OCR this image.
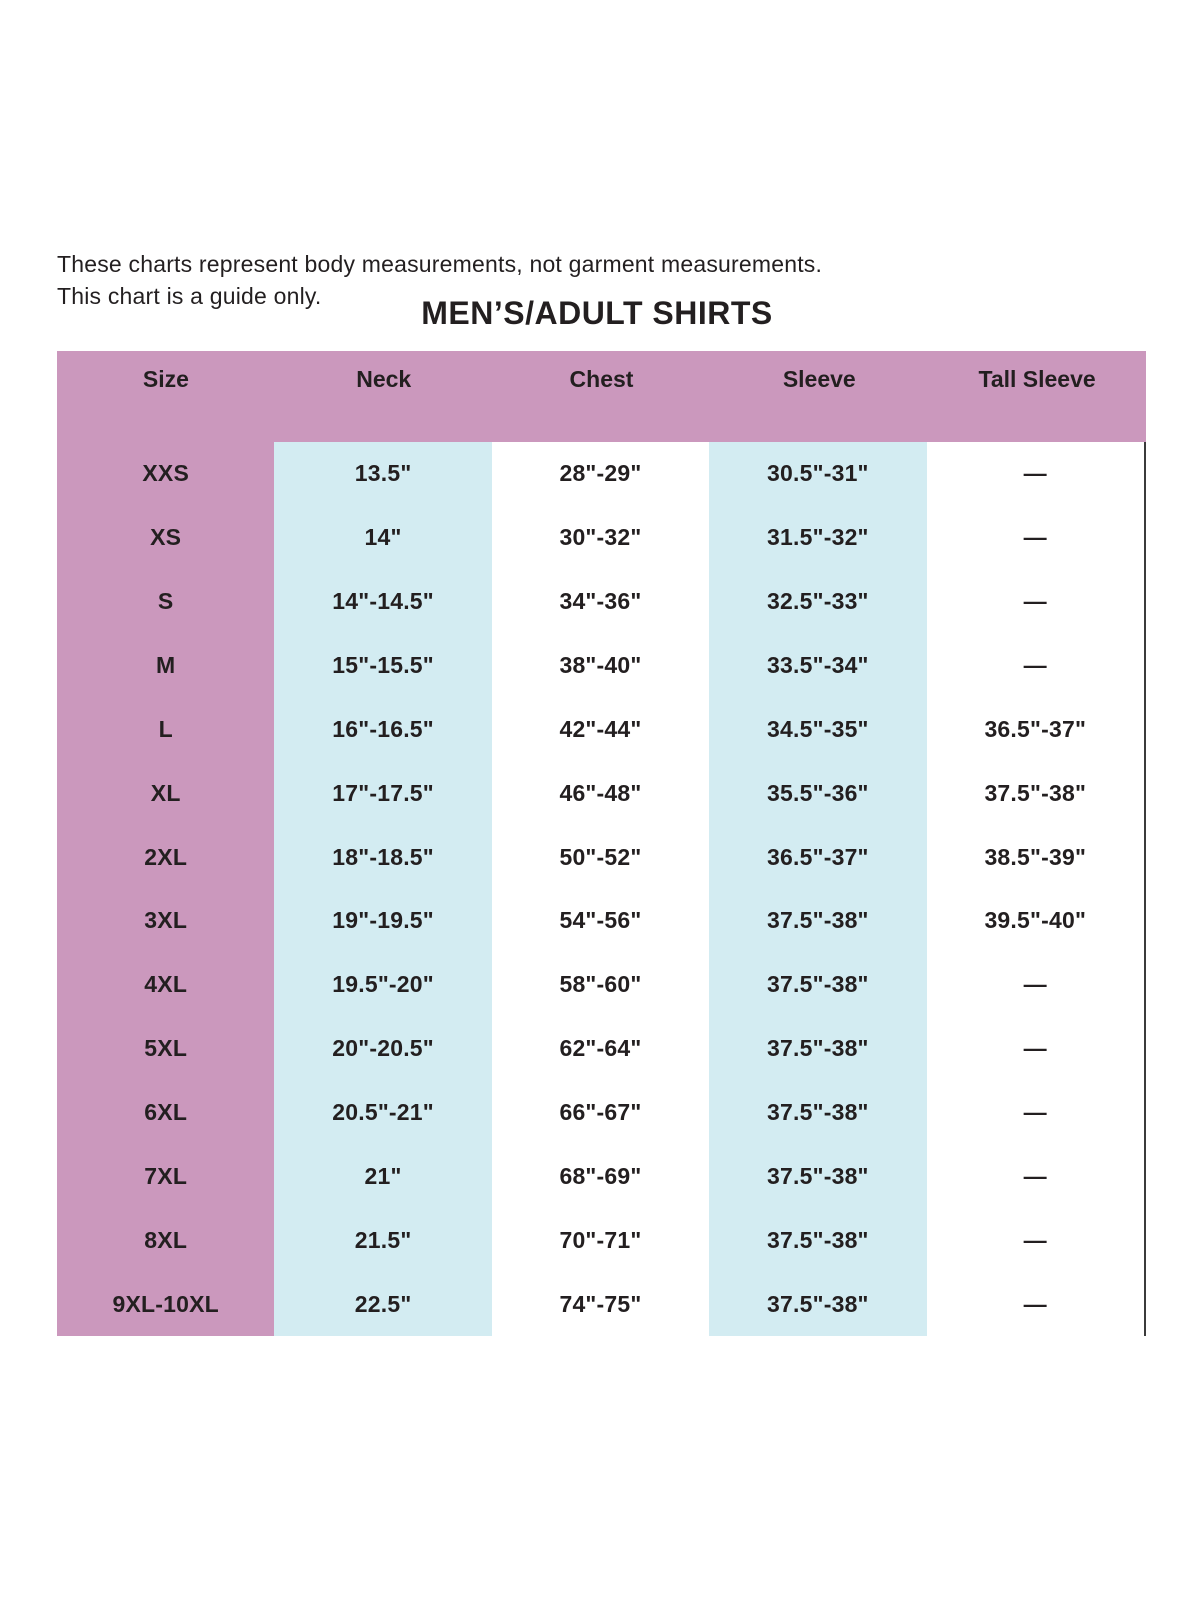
These charts represent body measurements, not garment measurements.
This chart is a guide only.	MEN’S/ADULT SHIRTS
Size	Neck	Chest	Sleeve	Tall Sleeve
XXS	13.5"	28"-29"	30.5"-31"	—
XS	14"	30"-32"	31.5"-32"	—
S	14"-14.5"	34"-36"	32.5"-33"	—
M	15"-15.5"	38"-40"	33.5"-34"	—
L	16"-16.5"	42"-44"	34.5"-35"	36.5"-37"
XL	17"-17.5"	46"-48"	35.5"-36"	37.5"-38"
2XL	18"-18.5"	50"-52"	36.5"-37"	38.5"-39"
3XL	19"-19.5"	54"-56"	37.5"-38"	39.5"-40"
4XL	19.5"-20"	58"-60"	37.5"-38"	—
5XL	20"-20.5"	62"-64"	37.5"-38"	—
6XL	20.5"-21"	66"-67"	37.5"-38"	—
7XL	21"	68"-69"	37.5"-38"	—
8XL	21.5"	70"-71"	37.5"-38"	—
9XL-10XL	22.5"	74"-75"	37.5"-38"	—
